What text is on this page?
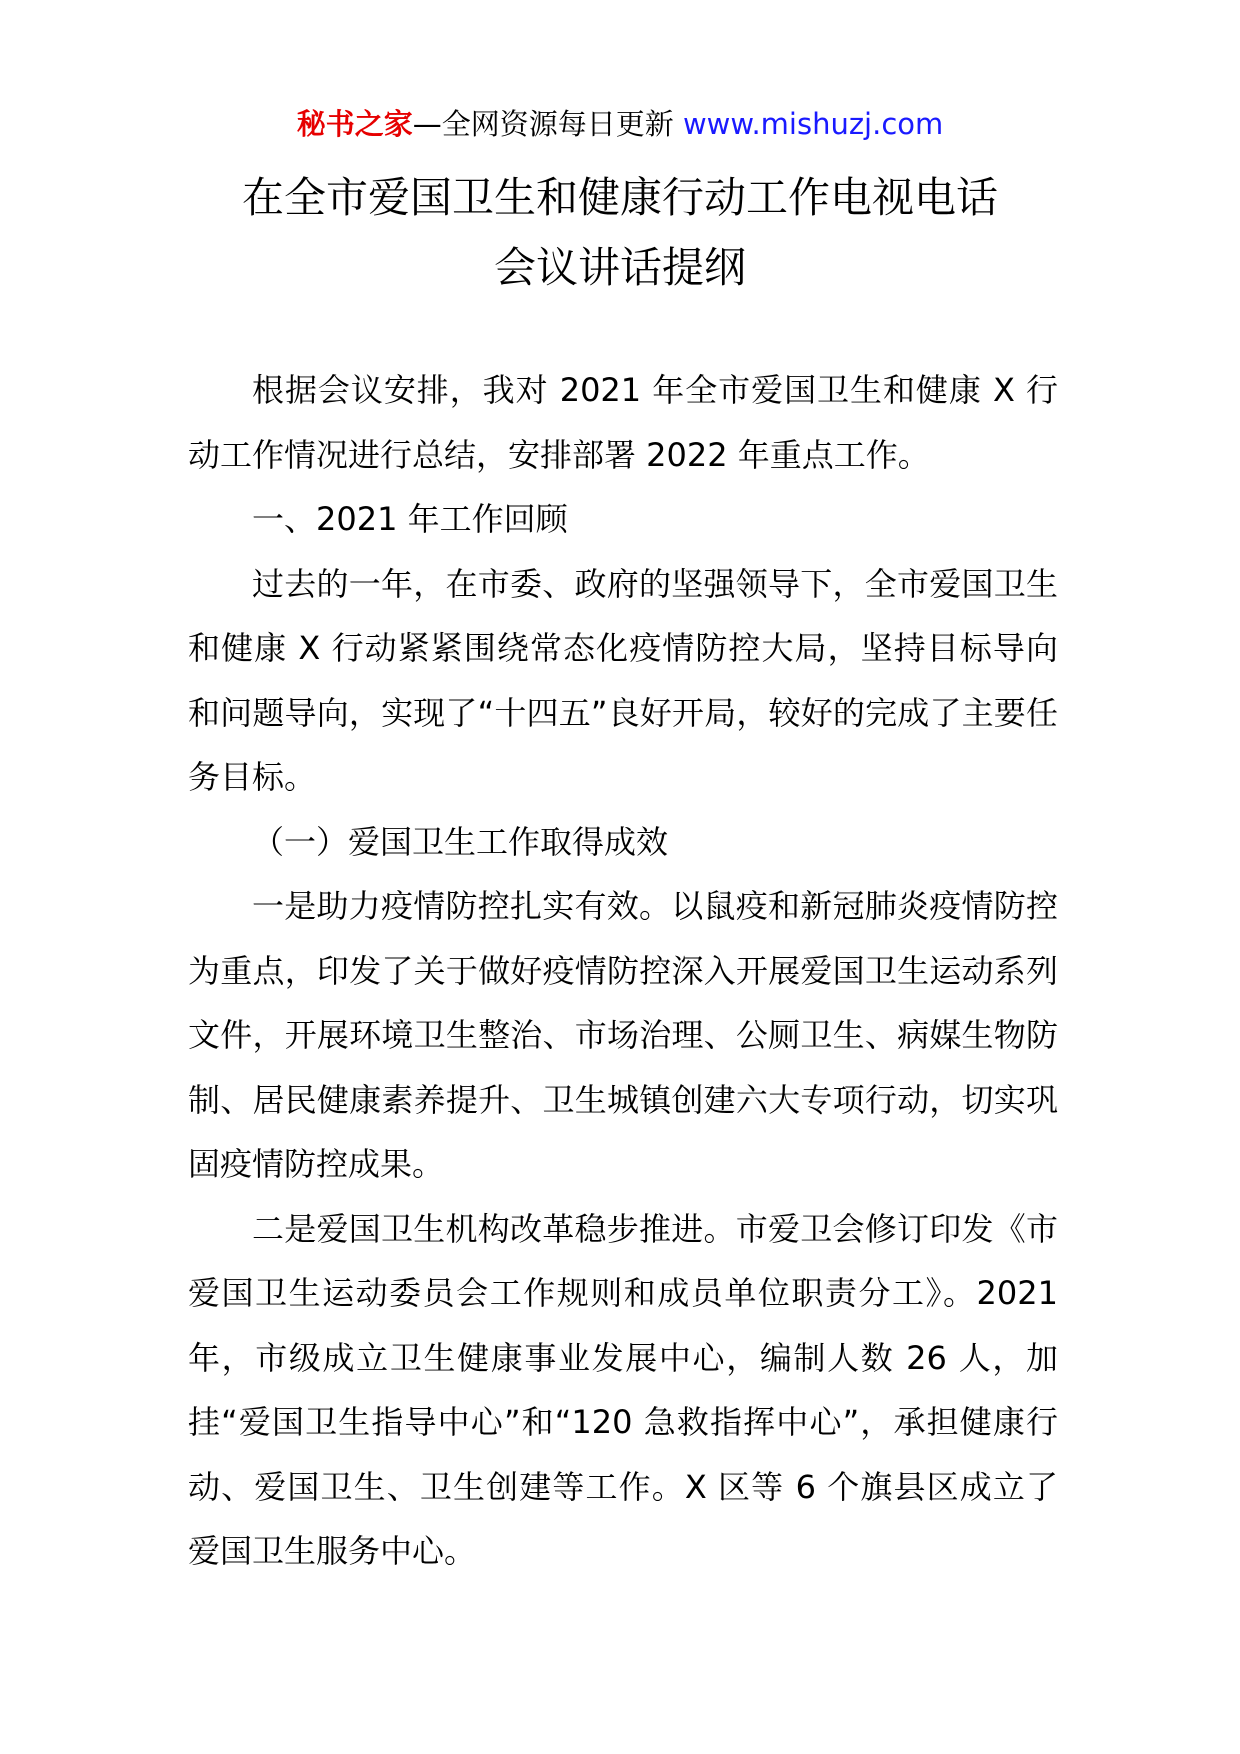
秘书之家—全网资源每日更新 www.mishuzj.com
在全市爱国卫生和健康行动工作电视电话
会议讲话提纲

根据会议安排，我对 2021 年全市爱国卫生和健康 X 行动工作情况进行总结，安排部署 2022 年重点工作。

一、2021 年工作回顾

过去的一年，在市委、政府的坚强领导下，全市爱国卫生和健康 X 行动紧紧围绕常态化疫情防控大局，坚持目标导向和问题导向，实现了“十四五”良好开局，较好的完成了主要任务目标。

（一）爱国卫生工作取得成效

一是助力疫情防控扎实有效。以鼠疫和新冠肺炎疫情防控为重点，印发了关于做好疫情防控深入开展爱国卫生运动系列文件，开展环境卫生整治、市场治理、公厕卫生、病媒生物防制、居民健康素养提升、卫生城镇创建六大专项行动，切实巩固疫情防控成果。

二是爱国卫生机构改革稳步推进。市爱卫会修订印发《市爱国卫生运动委员会工作规则和成员单位职责分工》。2021 年，市级成立卫生健康事业发展中心，编制人数 26 人，加挂“爱国卫生指导中心”和“120 急救指挥中心”，承担健康行动、爱国卫生、卫生创建等工作。X 区等 6 个旗县区成立了爱国卫生服务中心。
